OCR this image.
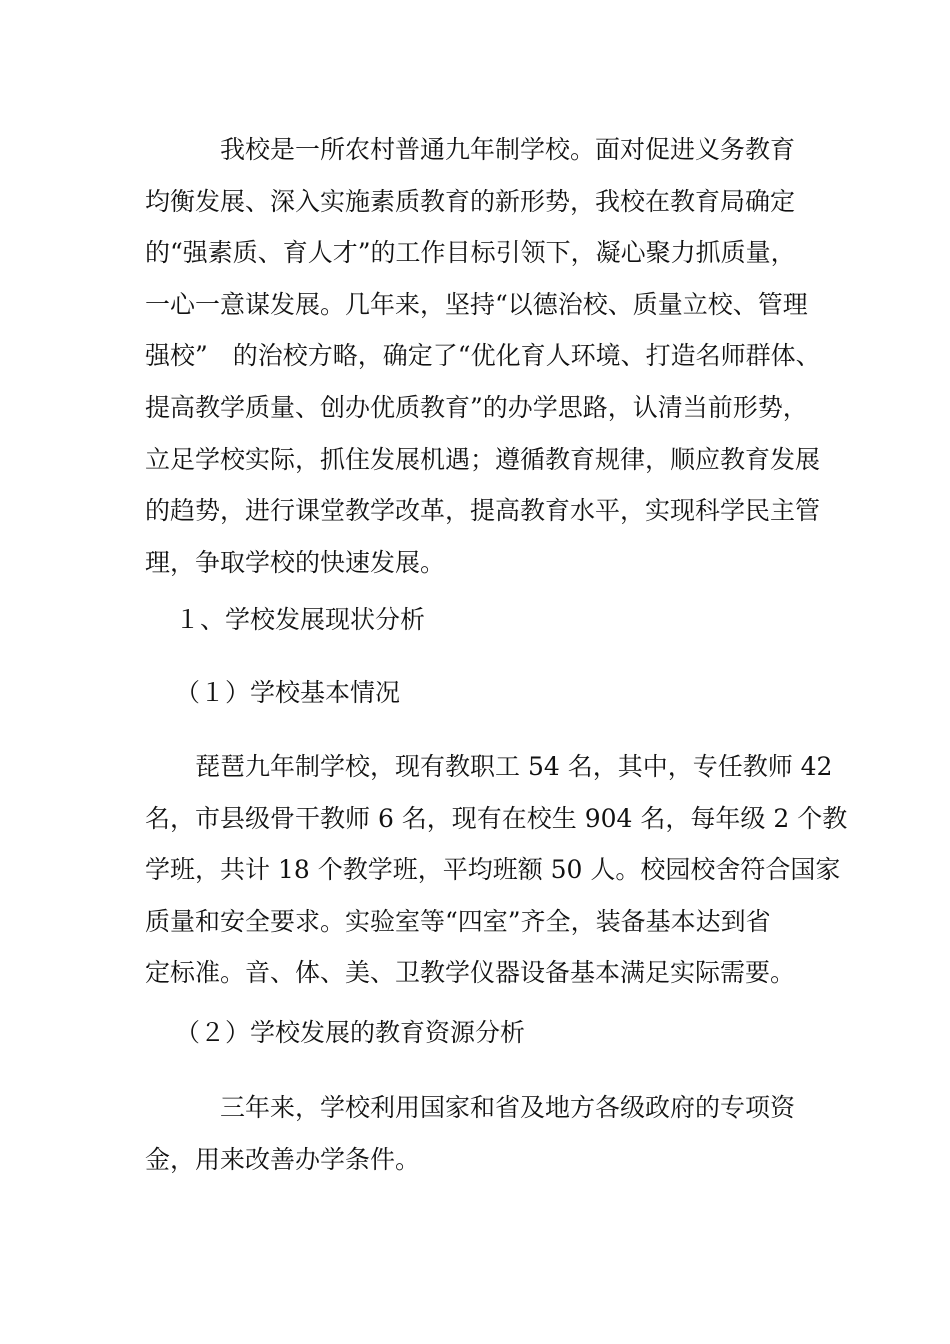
我校是一所农村普通九年制学校。面对促进义务教育
均衡发展、深入实施素质教育的新形势，我校在教育局确定
的“强素质、育人才”的工作目标引领下，凝心聚力抓质量，
一心一意谋发展。几年来，坚持“以德治校、质量立校、管理
强校”　的治校方略，确定了“优化育人环境、打造名师群体、
提高教学质量、创办优质教育”的办学思路，认清当前形势，
立足学校实际，抓住发展机遇；遵循教育规律，顺应教育发展
的趋势，进行课堂教学改革，提高教育水平，实现科学民主管
理，争取学校的快速发展。
１、学校发展现状分析
（１）学校基本情况
琵琶九年制学校，现有教职工 54 名，其中，专任教师 42
名，市县级骨干教师 6 名，现有在校生 904 名，每年级 2 个教
学班，共计 18 个教学班，平均班额 50 人。校园校舍符合国家
质量和安全要求。实验室等“四室”齐全，装备基本达到省
定标准。音、体、美、卫教学仪器设备基本满足实际需要。
（２）学校发展的教育资源分析
三年来，学校利用国家和省及地方各级政府的专项资
金，用来改善办学条件。
